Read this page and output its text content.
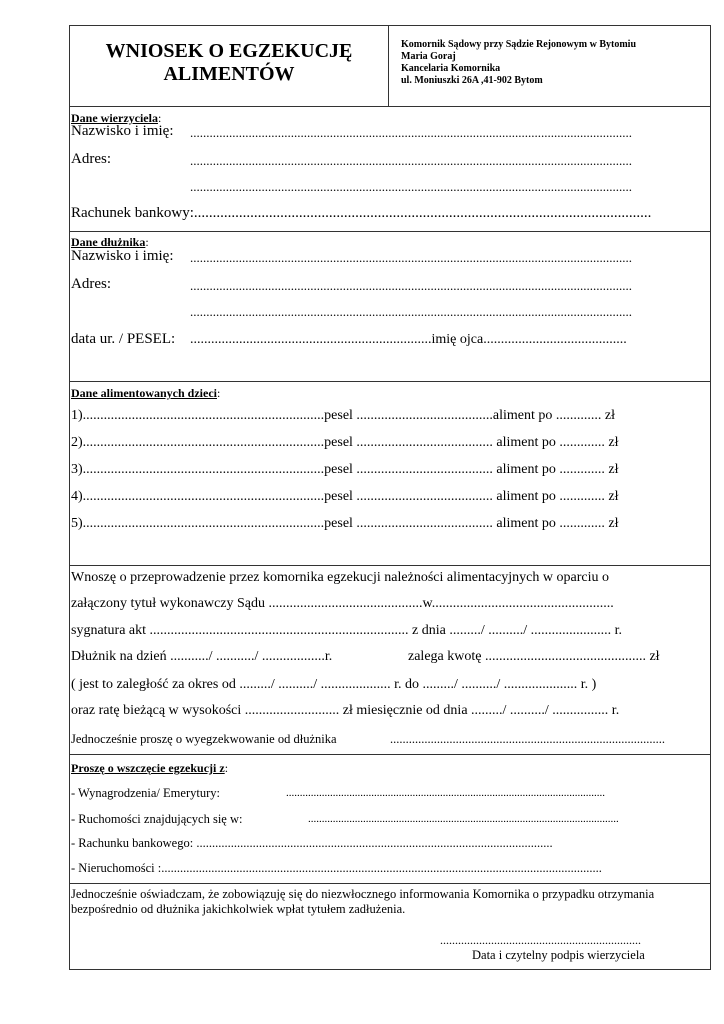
WNIOSEK O EGZEKUCJĘ
ALIMENTÓW
Komornik Sądowy przy Sądzie Rejonowym w Bytomiu
Maria Goraj
Kancelaria Komornika
ul. Moniuszki 26A ,41-902 Bytom
Dane wierzyciela:
Nazwisko i imię: ........................................................................................................................................
Adres:	........................................................................................................................................
........................................................................................................................................
Rachunek bankowy:..........................................................................................................................
Dane dłużnika:
Nazwisko i imię: ........................................................................................................................................
Adres:	........................................................................................................................................
........................................................................................................................................
data ur. / PESEL: .....................................................................imię ojca.........................................
Dane alimentowanych dzieci:
1).....................................................................pesel .......................................aliment po ............. zł
2).....................................................................pesel ....................................... aliment po ............. zł
3).....................................................................pesel ....................................... aliment po ............. zł
4).....................................................................pesel ....................................... aliment po ............. zł
5).....................................................................pesel ....................................... aliment po ............. zł
Wnoszę o przeprowadzenie przez komornika egzekucji należności alimentacyjnych w oparciu o
załączony tytuł wykonawczy Sądu ............................................w....................................................
sygnatura akt .......................................................................... z dnia ........./ ........../ ....................... r.
Dłużnik na dzień .........../ .........../ ..................r.	zalega kwotę .............................................. zł
( jest to zaległość za okres od ........./ ........../ .................... r. do ........./ ........../ ..................... r. )
oraz ratę bieżącą w wysokości ........................... zł miesięcznie od dnia ........./ ........../ ................ r.
Jednocześnie proszę o wyegzekwowanie od dłużnika	........................................................................................
Proszę o wszczęcie egzekucji z:
- Wynagrodzenia/ Emerytury:	....................................................................................................................
- Ruchomości znajdujących się w:	.................................................................................................................
- Rachunku bankowego: ..................................................................................................................
- Nieruchomości :.............................................................................................................................................
Jednocześnie oświadczam, że zobowiązuję się do niezwłocznego informowania Komornika o przypadku otrzymania bezpośrednio od dłużnika jakichkolwiek wpłat tytułem zadłużenia.
...................................................................
Data i czytelny podpis wierzyciela
